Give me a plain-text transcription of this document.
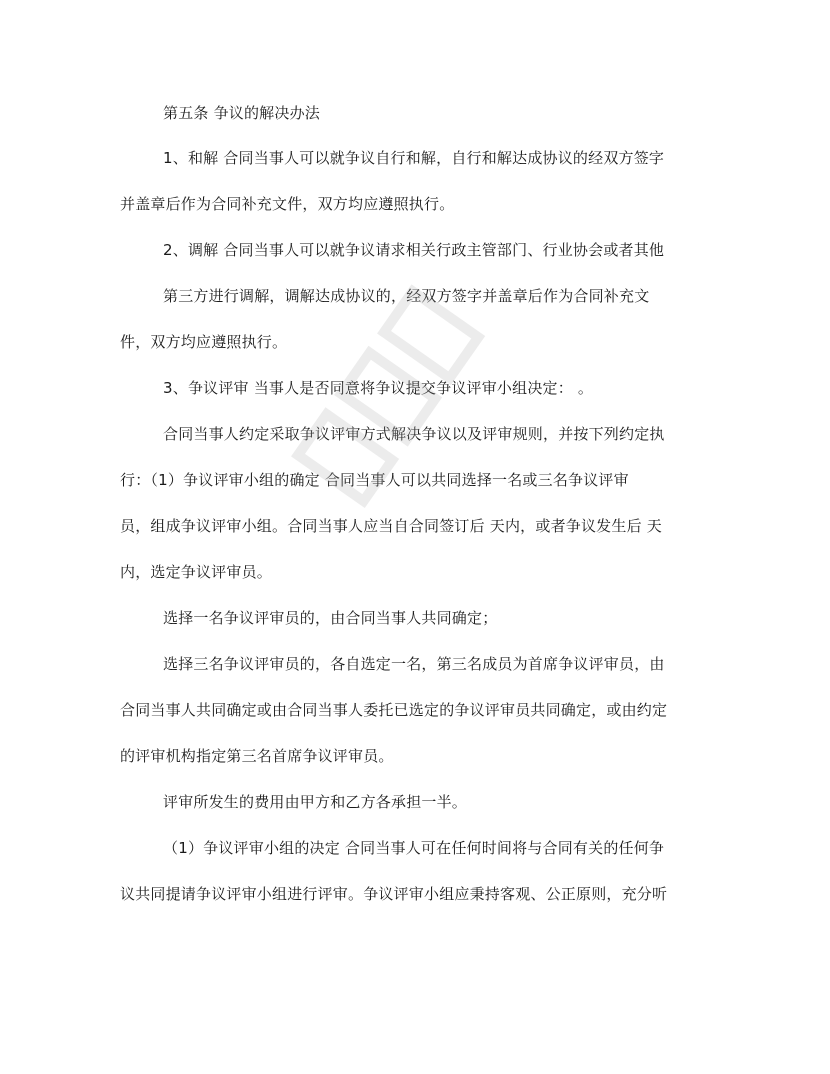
第五条 争议的解决办法
1、和解 合同当事人可以就争议自行和解，自行和解达成协议的经双方签字
并盖章后作为合同补充文件，双方均应遵照执行。
2、调解 合同当事人可以就争议请求相关行政主管部门、行业协会或者其他
第三方进行调解，调解达成协议的，经双方签字并盖章后作为合同补充文
件，双方均应遵照执行。
3、争议评审 当事人是否同意将争议提交争议评审小组决定： 。
合同当事人约定采取争议评审方式解决争议以及评审规则，并按下列约定执
行：（1）争议评审小组的确定 合同当事人可以共同选择一名或三名争议评审
员，组成争议评审小组。合同当事人应当自合同签订后 天内，或者争议发生后 天
内，选定争议评审员。
选择一名争议评审员的，由合同当事人共同确定；
选择三名争议评审员的，各自选定一名，第三名成员为首席争议评审员，由
合同当事人共同确定或由合同当事人委托已选定的争议评审员共同确定，或由约定
的评审机构指定第三名首席争议评审员。
评审所发生的费用由甲方和乙方各承担一半。
（1）争议评审小组的决定 合同当事人可在任何时间将与合同有关的任何争
议共同提请争议评审小组进行评审。争议评审小组应秉持客观、公正原则，充分听
